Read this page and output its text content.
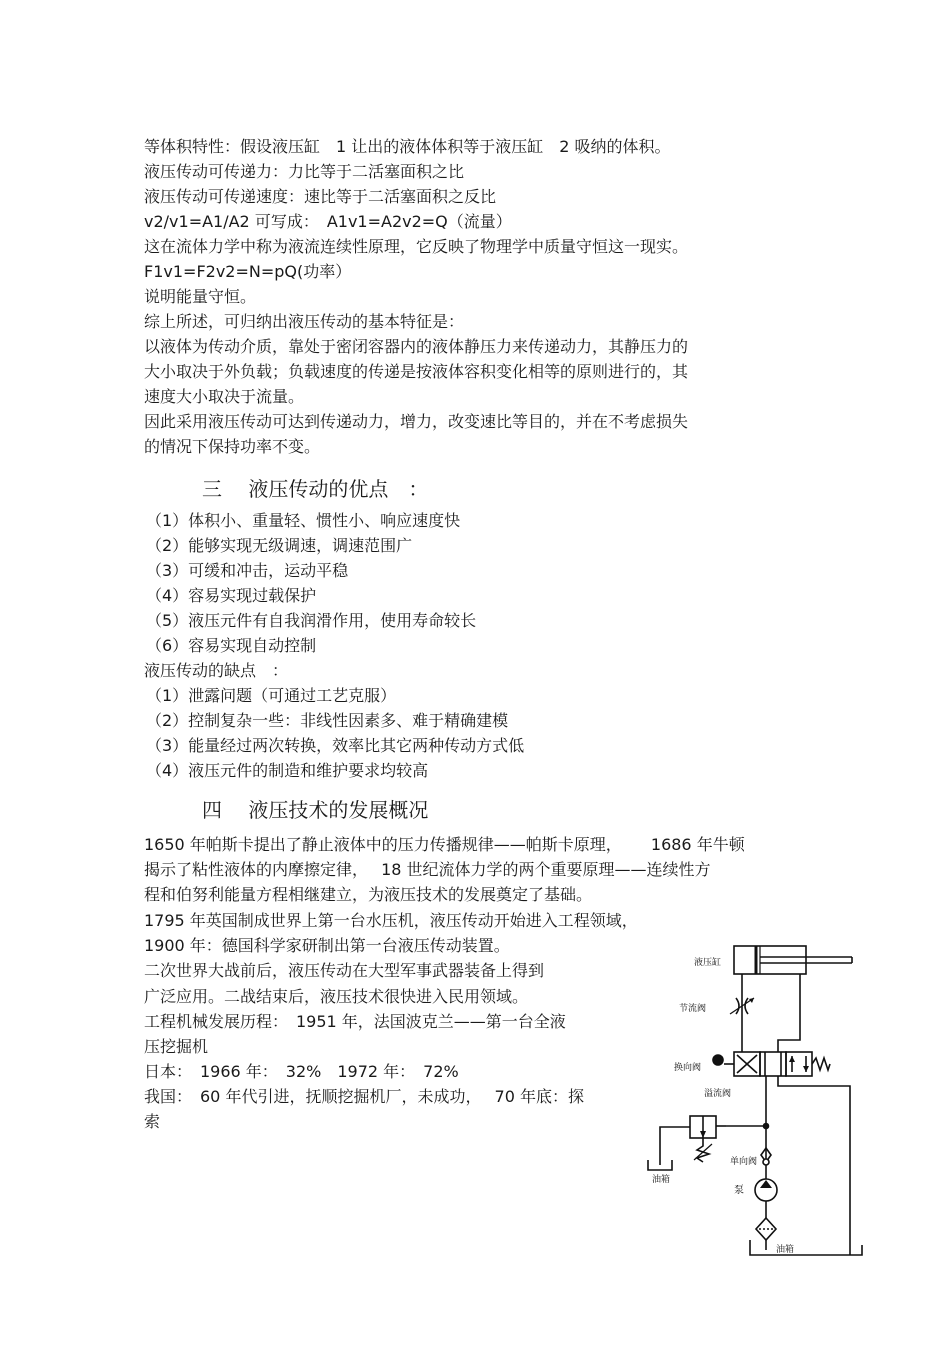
等体积特性：假设液压缸　1 让出的液体体积等于液压缸　2 吸纳的体积。
液压传动可传递力：力比等于二活塞面积之比
液压传动可传递速度：速比等于二活塞面积之反比
v2/v1=A1/A2 可写成：　A1v1=A2v2=Q（流量）
这在流体力学中称为液流连续性原理，它反映了物理学中质量守恒这一现实。
F1v1=F2v2=N=pQ(功率）
说明能量守恒。
综上所述，可归纳出液压传动的基本特征是：
以液体为传动介质，靠处于密闭容器内的液体静压力来传递动力，其静压力的
大小取决于外负载；负载速度的传递是按液体容积变化相等的原则进行的，其
速度大小取决于流量。
因此采用液压传动可达到传递动力，增力，改变速比等目的，并在不考虑损失
的情况下保持功率不变。
三　 液压传动的优点　：
（1）体积小、重量轻、惯性小、响应速度快
（2）能够实现无级调速，调速范围广
（3）可缓和冲击，运动平稳
（4）容易实现过载保护
（5）液压元件有自我润滑作用，使用寿命较长
（6）容易实现自动控制
液压传动的缺点　：
（1）泄露问题（可通过工艺克服）
（2）控制复杂一些：非线性因素多、难于精确建模
（3）能量经过两次转换，效率比其它两种传动方式低
（4）液压元件的制造和维护要求均较高
四　 液压技术的发展概况
1650 年帕斯卡提出了静止液体中的压力传播规律——帕斯卡原理，　　 1686 年牛顿
揭示了粘性液体的内摩擦定律，　 18 世纪流体力学的两个重要原理——连续性方
程和伯努利能量方程相继建立，为液压技术的发展奠定了基础。
1795 年英国制成世界上第一台水压机，液压传动开始进入工程领域，
1900 年：德国科学家研制出第一台液压传动装置。
二次世界大战前后，液压传动在大型军事武器装备上得到
广泛应用。二战结束后，液压技术很快进入民用领域。
工程机械发展历程：　1951 年，法国波克兰——第一台全液
压挖掘机
日本：　1966 年：　32%　1972 年：　72%
我国：　60 年代引进，抚顺挖掘机厂，未成功，　 70 年底：探
索
液压缸
节流阀
换向阀
溢流阀
油箱
单向阀
泵
油箱
